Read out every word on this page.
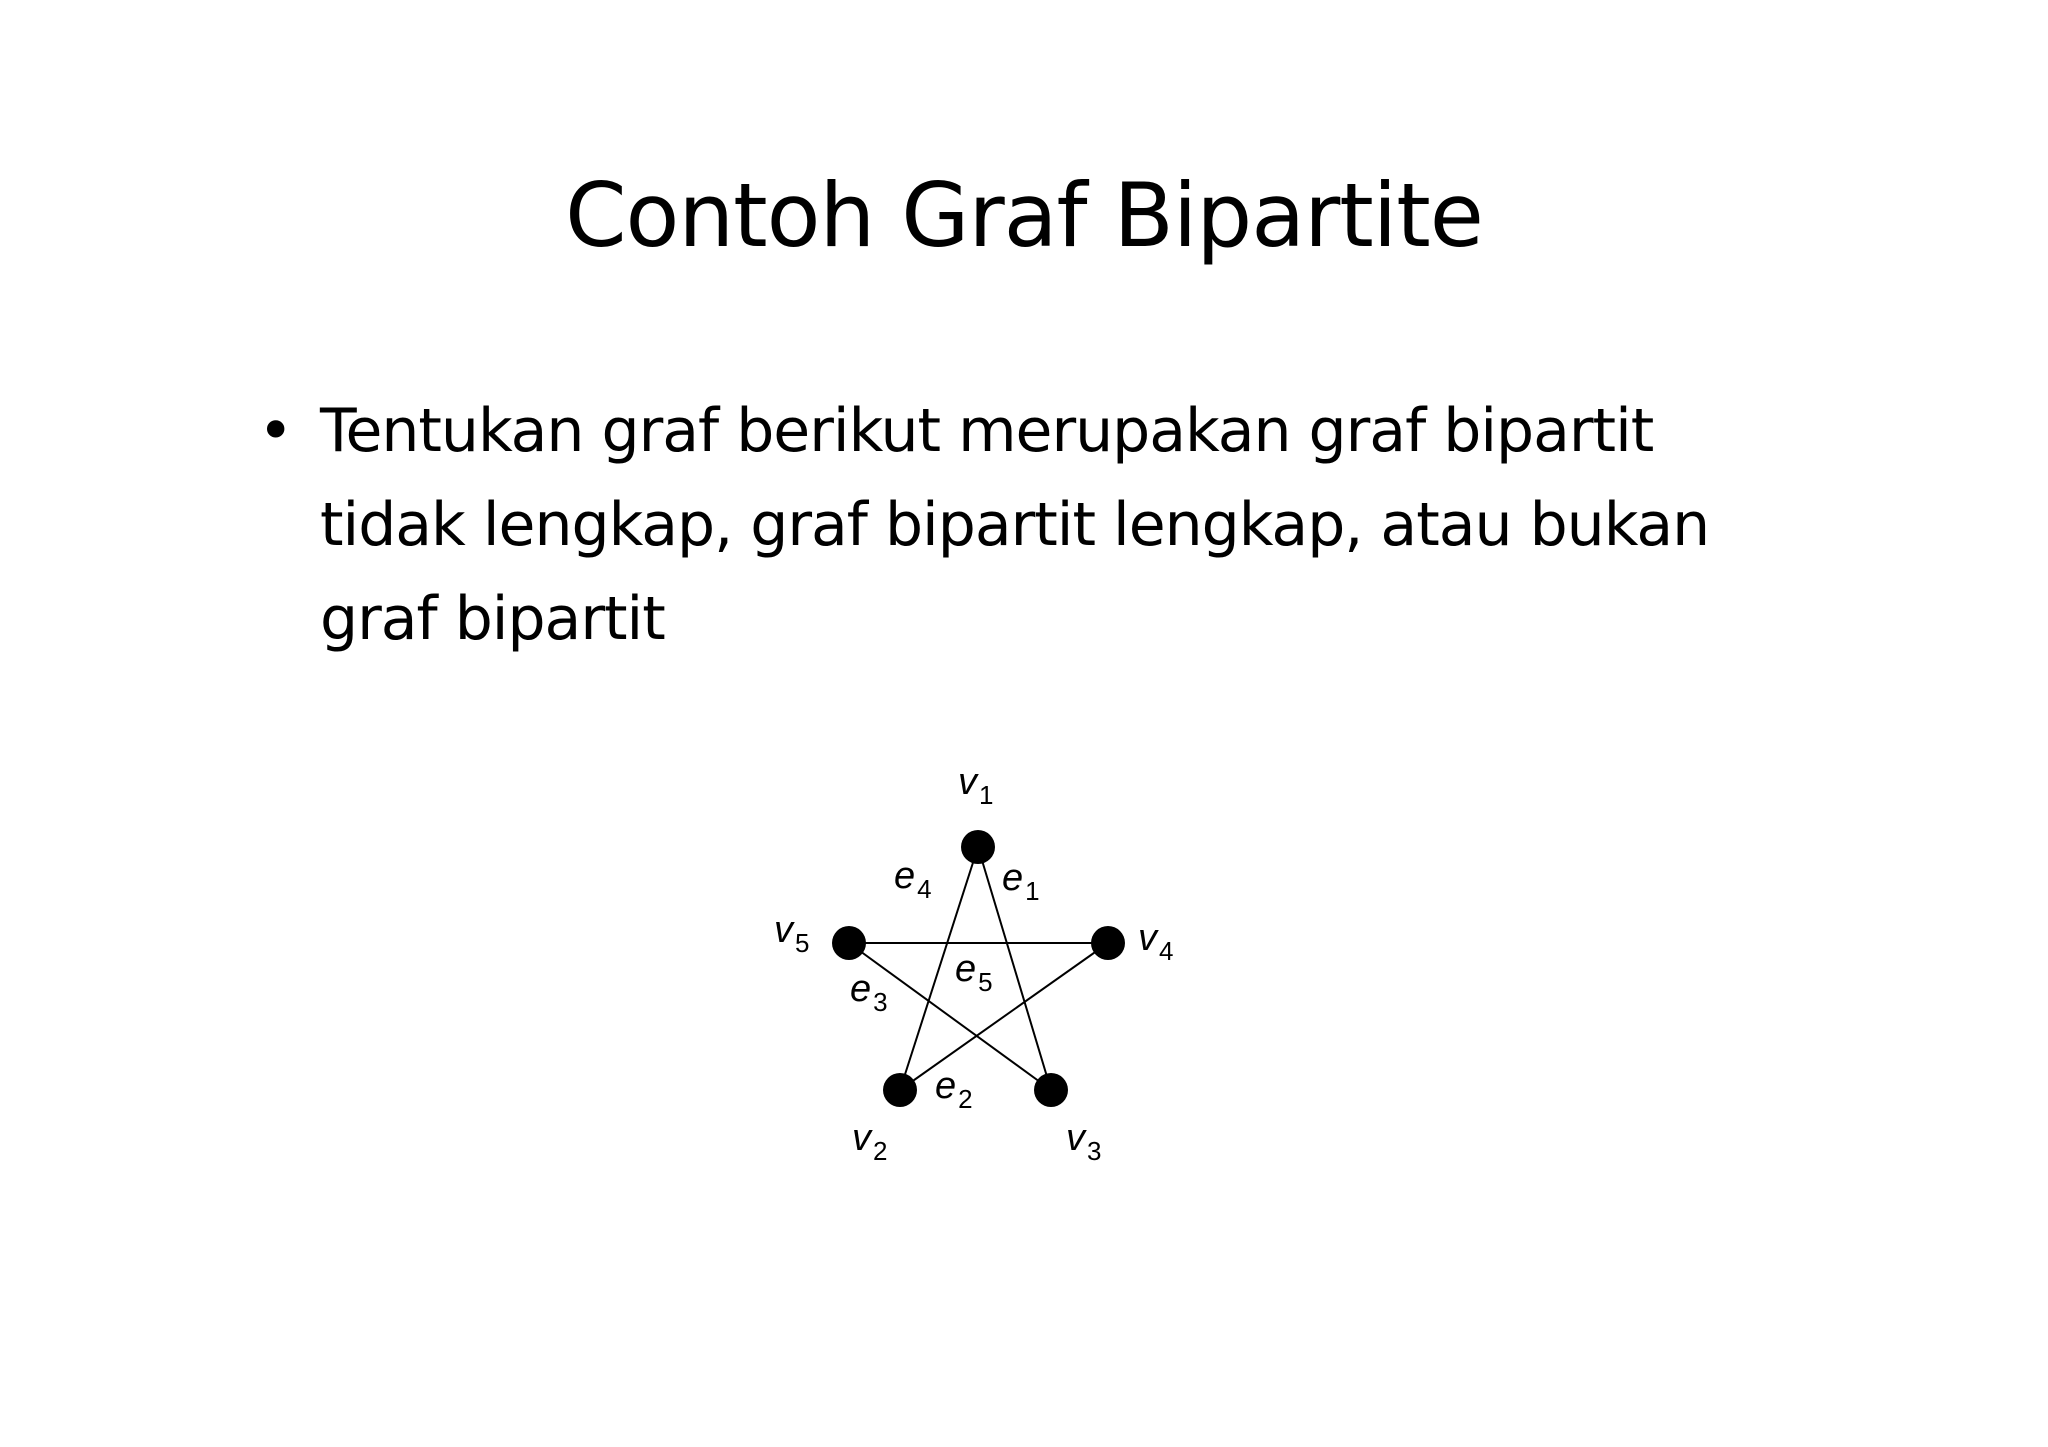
Contoh Graf Bipartite
• Tentukan graf berikut merupakan graf bipartit tidak lengkap, graf bipartit lengkap, atau bukan graf bipartit
e1
e2
e3
e4
e5
v1
v2	v3
v4
v5
